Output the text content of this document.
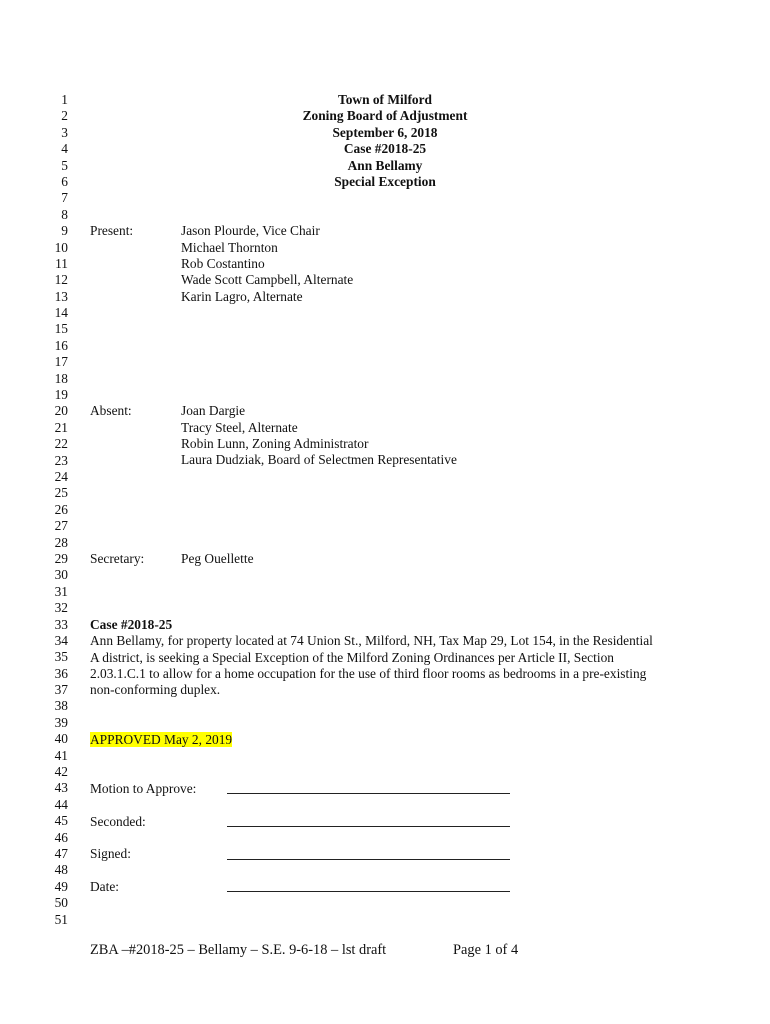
1
2
3
4
5
6
7
8
9
10
11
12
13
14
15
16
17
18
19
20
21
22
23
24
25
26
27
28
29
30
31
32
33
34
35
36
37
38
39
40
41
42
43
44
45
46
47
48
49
50
51
Town of Milford
Zoning Board of Adjustment
September 6, 2018
Case #2018-25
Ann Bellamy
Special Exception
Present:	Jason Plourde, Vice Chair
Michael Thornton
Rob Costantino
Wade Scott Campbell, Alternate
Karin Lagro, Alternate
Absent:	Joan Dargie
Tracy Steel, Alternate
Robin Lunn, Zoning Administrator
Laura Dudziak, Board of Selectmen Representative
Secretary:	Peg Ouellette
Case #2018-25
Ann Bellamy, for property located at 74 Union St., Milford, NH, Tax Map 29, Lot 154, in the Residential
A district, is seeking a Special Exception of the Milford Zoning Ordinances per Article II, Section
2.03.1.C.1 to allow for a home occupation for the use of third floor rooms as bedrooms in a pre-existing
non-conforming duplex.
APPROVED May 2, 2019
Motion to Approve:
Seconded:
Signed:
Date:
ZBA –#2018-25 – Bellamy – S.E. 9-6-18 – lst draft	Page 1 of 4
